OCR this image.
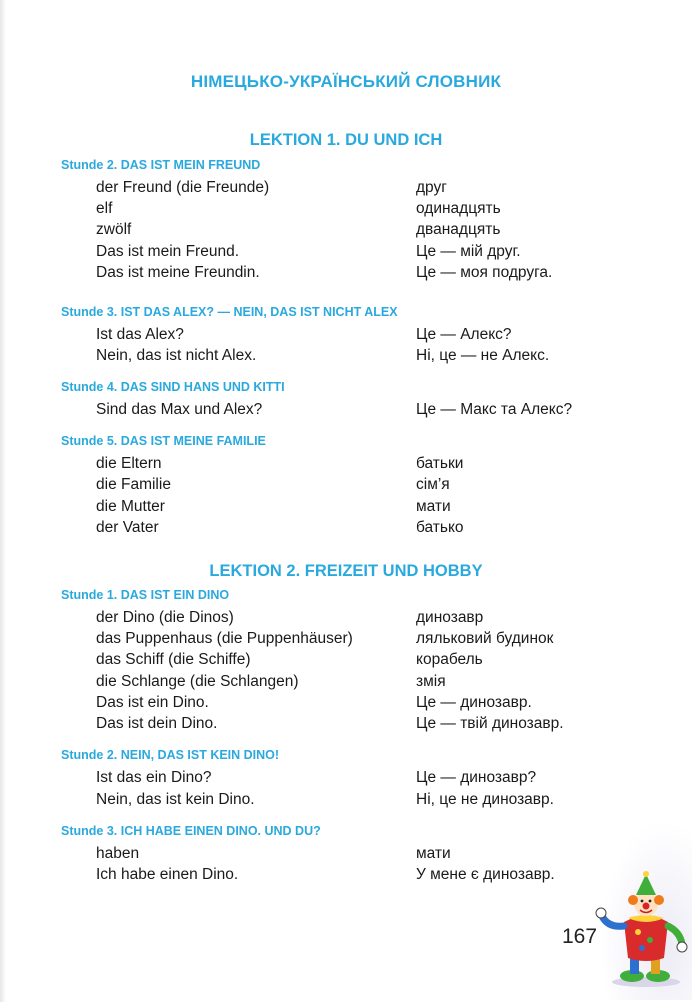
НІМЕЦЬКО-УКРАЇНСЬКИЙ СЛОВНИК
LEKTION 1. DU UND ICH
Stunde 2. DAS IST MEIN FREUND
der Freund (die Freunde)	друг
elf	одинадцять
zwölf	дванадцять
Das ist mein Freund.	Це — мій друг.
Das ist meine Freundin.	Це — моя подруга.
Stunde 3. IST DAS ALEX? — NEIN, DAS IST NICHT ALEX
Ist das Alex?	Це — Алекс?
Nein, das ist nicht Alex.	Ні, це — не Алекс.
Stunde 4. DAS SIND HANS UND KITTI
Sind das Max und Alex?	Це — Макс та Алекс?
Stunde 5. DAS IST MEINE FAMILIE
die Eltern	батьки
die Familie	сім’я
die Mutter	мати
der Vater	батько
LEKTION 2. FREIZEIT UND HOBBY
Stunde 1. DAS IST EIN DINO
der Dino (die Dinos)	динозавр
das Puppenhaus (die Puppenhäuser)	ляльковий будинок
das Schiff (die Schiffe)	корабель
die Schlange (die Schlangen)	змія
Das ist ein Dino.	Це — динозавр.
Das ist dein Dino.	Це — твій динозавр.
Stunde 2. NEIN, DAS IST KEIN DINO!
Ist das ein Dino?	Це — динозавр?
Nein, das ist kein Dino.	Ні, це не динозавр.
Stunde 3. ICH HABE EINEN DINO. UND DU?
haben	мати
Ich habe einen Dino.	У мене є динозавр.
167
